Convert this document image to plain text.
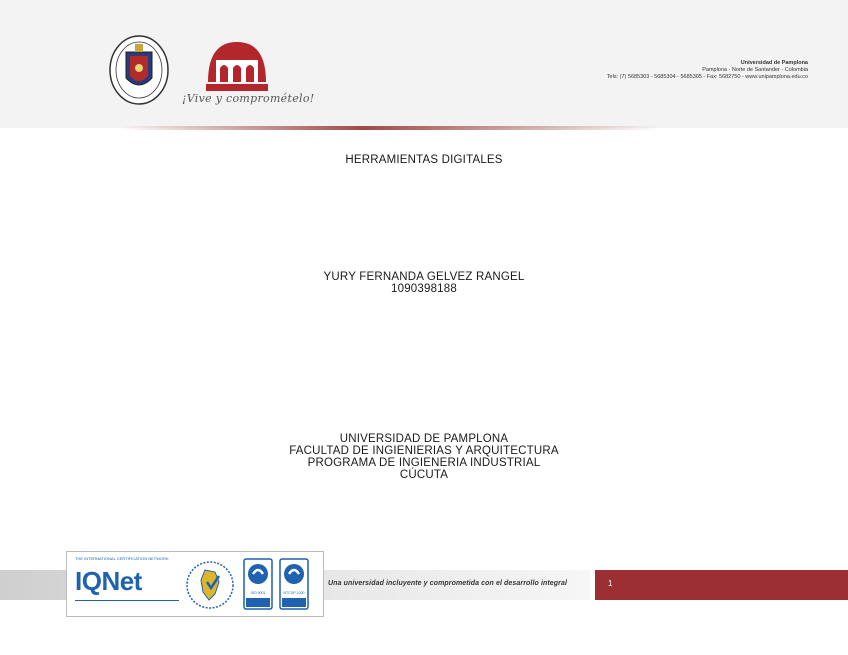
¡Vive y compromételo!
Universidad de Pamplona
Pamplona - Norte de Santander - Colombia
Tels: (7) 5685303 - 5685304 - 5685305 - Fax: 5682750 - www.unipamplona.edu.co
HERRAMIENTAS DIGITALES
YURY FERNANDA GELVEZ RANGEL
1090398188
UNIVERSIDAD DE PAMPLONA
FACULTAD DE INGIENIERIAS Y ARQUITECTURA
PROGRAMA DE INGIENERIA INDUSTRIAL
CÚCUTA
1
Una universidad incluyente y comprometida con el desarrollo integral
THE INTERNATIONAL CERTIFICATION NETWORK
IQNet	ISO 9001	NTCGP 1000
